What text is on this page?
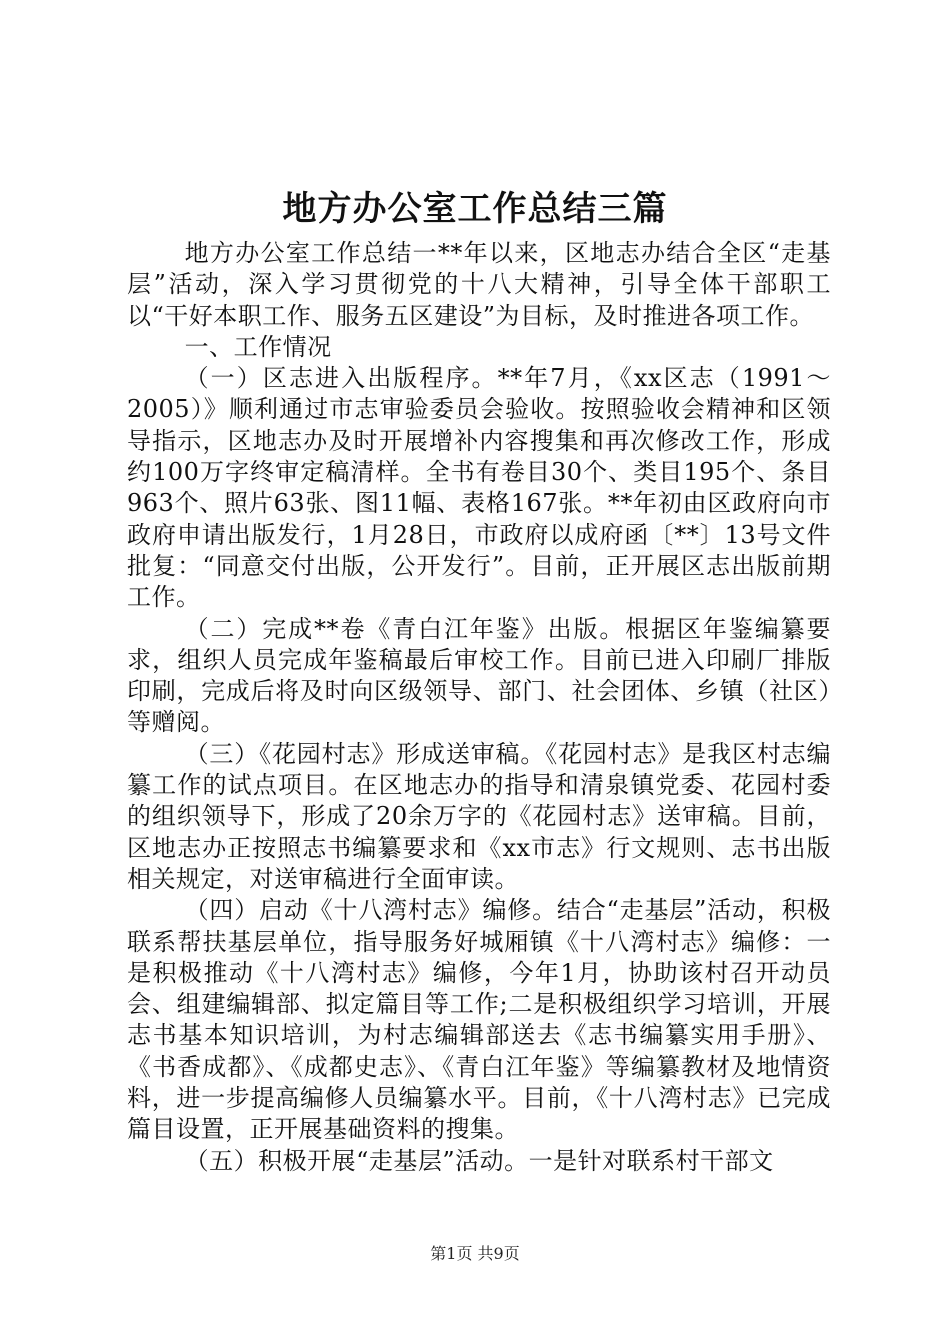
地方办公室工作总结三篇

地方办公室工作总结一**年以来，区地志办结合全区“走基层”活动，深入学习贯彻党的十八大精神，引导全体干部职工以“干好本职工作、服务五区建设”为目标，及时推进各项工作。

一、工作情况

（一）区志进入出版程序。**年7月，《xx区志（1991～2005）》顺利通过市志审验委员会验收。按照验收会精神和区领导指示，区地志办及时开展增补内容搜集和再次修改工作，形成约100万字终审定稿清样。全书有卷目30个、类目195个、条目963个、照片63张、图11幅、表格167张。**年初由区政府向市政府申请出版发行，1月28日，市政府以成府函〔**〕13号文件批复：“同意交付出版，公开发行”。目前，正开展区志出版前期工作。

（二）完成**卷《青白江年鉴》出版。根据区年鉴编纂要求，组织人员完成年鉴稿最后审校工作。目前已进入印刷厂排版印刷，完成后将及时向区级领导、部门、社会团体、乡镇（社区）等赠阅。

（三）《花园村志》形成送审稿。《花园村志》是我区村志编纂工作的试点项目。在区地志办的指导和清泉镇党委、花园村委的组织领导下，形成了20余万字的《花园村志》送审稿。目前，区地志办正按照志书编纂要求和《xx市志》行文规则、志书出版相关规定，对送审稿进行全面审读。

（四）启动《十八湾村志》编修。结合“走基层”活动，积极联系帮扶基层单位，指导服务好城厢镇《十八湾村志》编修：一是积极推动《十八湾村志》编修，今年1月，协助该村召开动员会、组建编辑部、拟定篇目等工作;二是积极组织学习培训，开展志书基本知识培训，为村志编辑部送去《志书编纂实用手册》、《书香成都》、《成都史志》、《青白江年鉴》等编纂教材及地情资料，进一步提高编修人员编纂水平。目前，《十八湾村志》已完成篇目设置，正开展基础资料的搜集。

（五）积极开展“走基层”活动。一是针对联系村干部文

第1页 共9页
